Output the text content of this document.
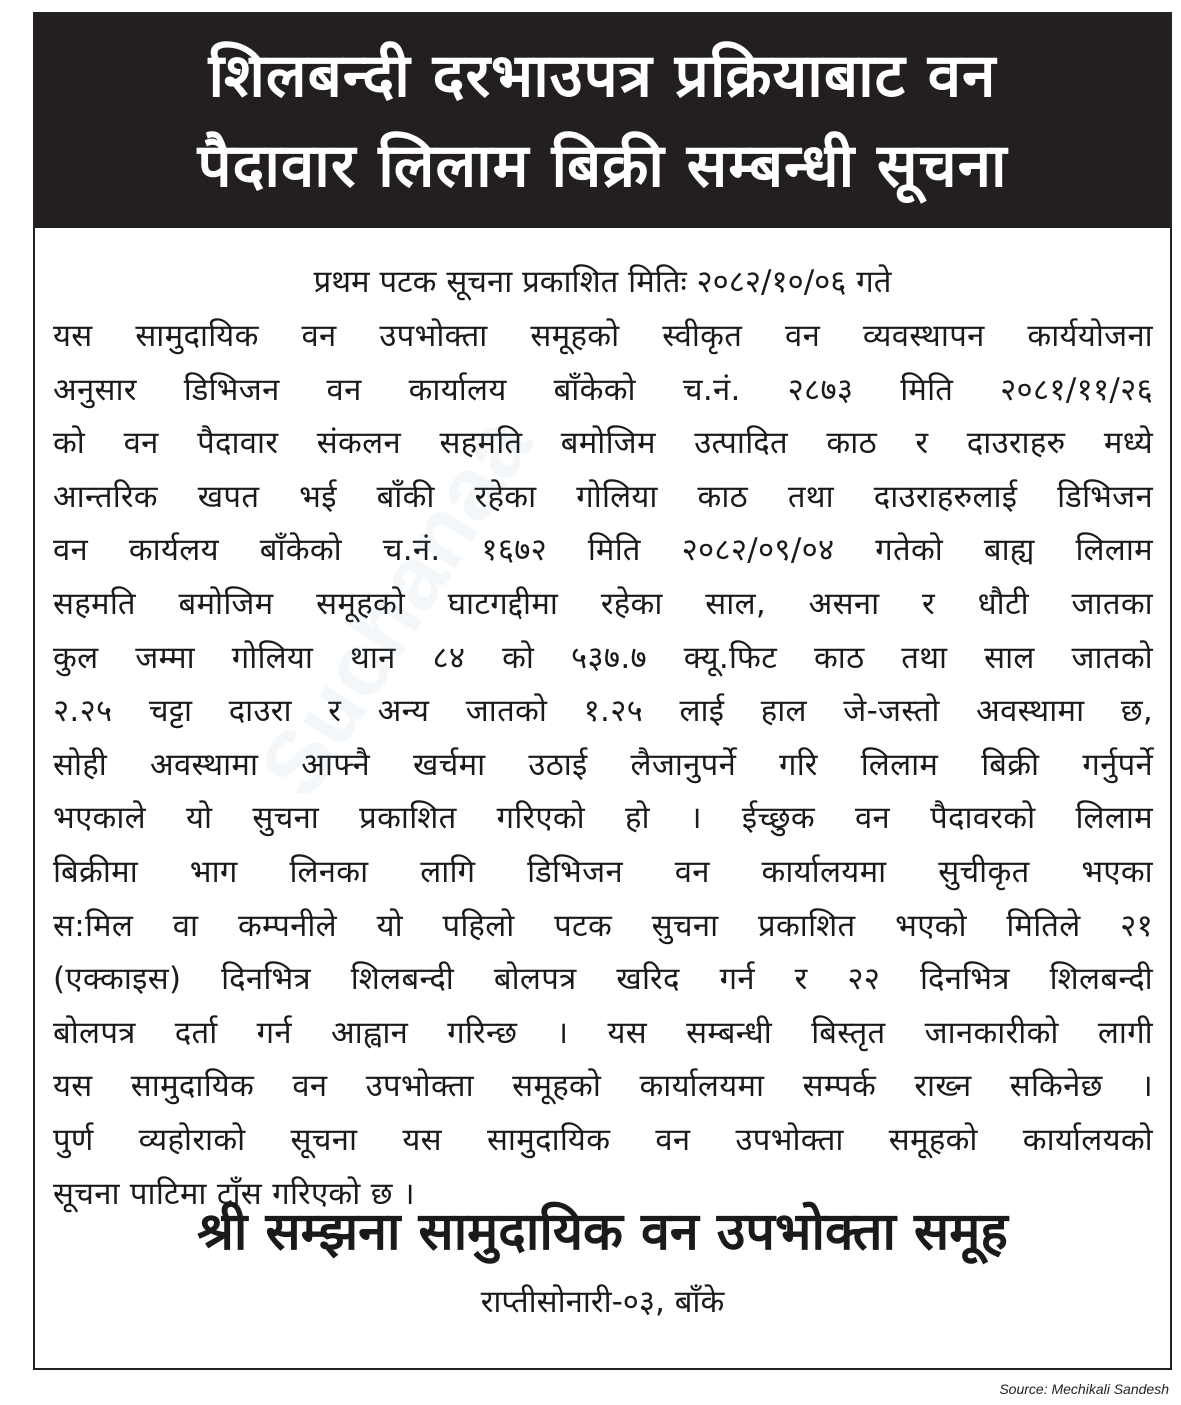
शिलबन्दी दरभाउपत्र प्रक्रियाबाट वन
पैदावार लिलाम बिक्री सम्बन्धी सूचना
प्रथम पटक सूचना प्रकाशित मितिः २०८२/१०/०६ गते
यस सामुदायिक वन उपभोक्ता समूहको स्वीकृत वन व्यवस्थापन कार्ययोजना
अनुसार डिभिजन वन कार्यालय बाँकेको च.नं. २८७३ मिति २०८१/११/२६
को वन पैदावार संकलन सहमति बमोजिम उत्पादित काठ र दाउराहरु मध्ये
आन्तरिक खपत भई बाँकी रहेका गोलिया काठ तथा दाउराहरुलाई डिभिजन
वन कार्यलय बाँकेको च.नं. १६७२ मिति २०८२/०९/०४ गतेको बाह्य लिलाम
सहमति बमोजिम समूहको घाटगद्दीमा रहेका साल, असना र धौटी जातका
कुल जम्मा गोलिया थान ८४ को ५३७.७ क्यू.फिट काठ तथा साल जातको
२.२५ चट्टा दाउरा र अन्य जातको १.२५ लाई हाल जे-जस्तो अवस्थामा छ,
सोही अवस्थामा आफ्नै खर्चमा उठाई लैजानुपर्ने गरि लिलाम बिक्री गर्नुपर्ने
भएकाले यो सुचना प्रकाशित गरिएको हो । ईच्छुक वन पैदावरको लिलाम
बिक्रीमा भाग लिनका लागि डिभिजन वन कार्यालयमा सुचीकृत भएका
स:मिल वा कम्पनीले यो पहिलो पटक सुचना प्रकाशित भएको मितिले २१
(एक्काइस) दिनभित्र शिलबन्दी बोलपत्र खरिद गर्न र २२ दिनभित्र शिलबन्दी
बोलपत्र दर्ता गर्न आह्वान गरिन्छ । यस सम्बन्धी बिस्तृत जानकारीको लागी
यस सामुदायिक वन उपभोक्ता समूहको कार्यालयमा सम्पर्क राख्न सकिनेछ ।
पुर्ण व्यहोराको सूचना यस सामुदायिक वन उपभोक्ता समूहको कार्यालयको
सूचना पाटिमा टाँस गरिएको छ ।
श्री सम्झना सामुदायिक वन उपभोक्ता समूह
राप्तीसोनारी-०३, बाँके
Source: Mechikali Sandesh
